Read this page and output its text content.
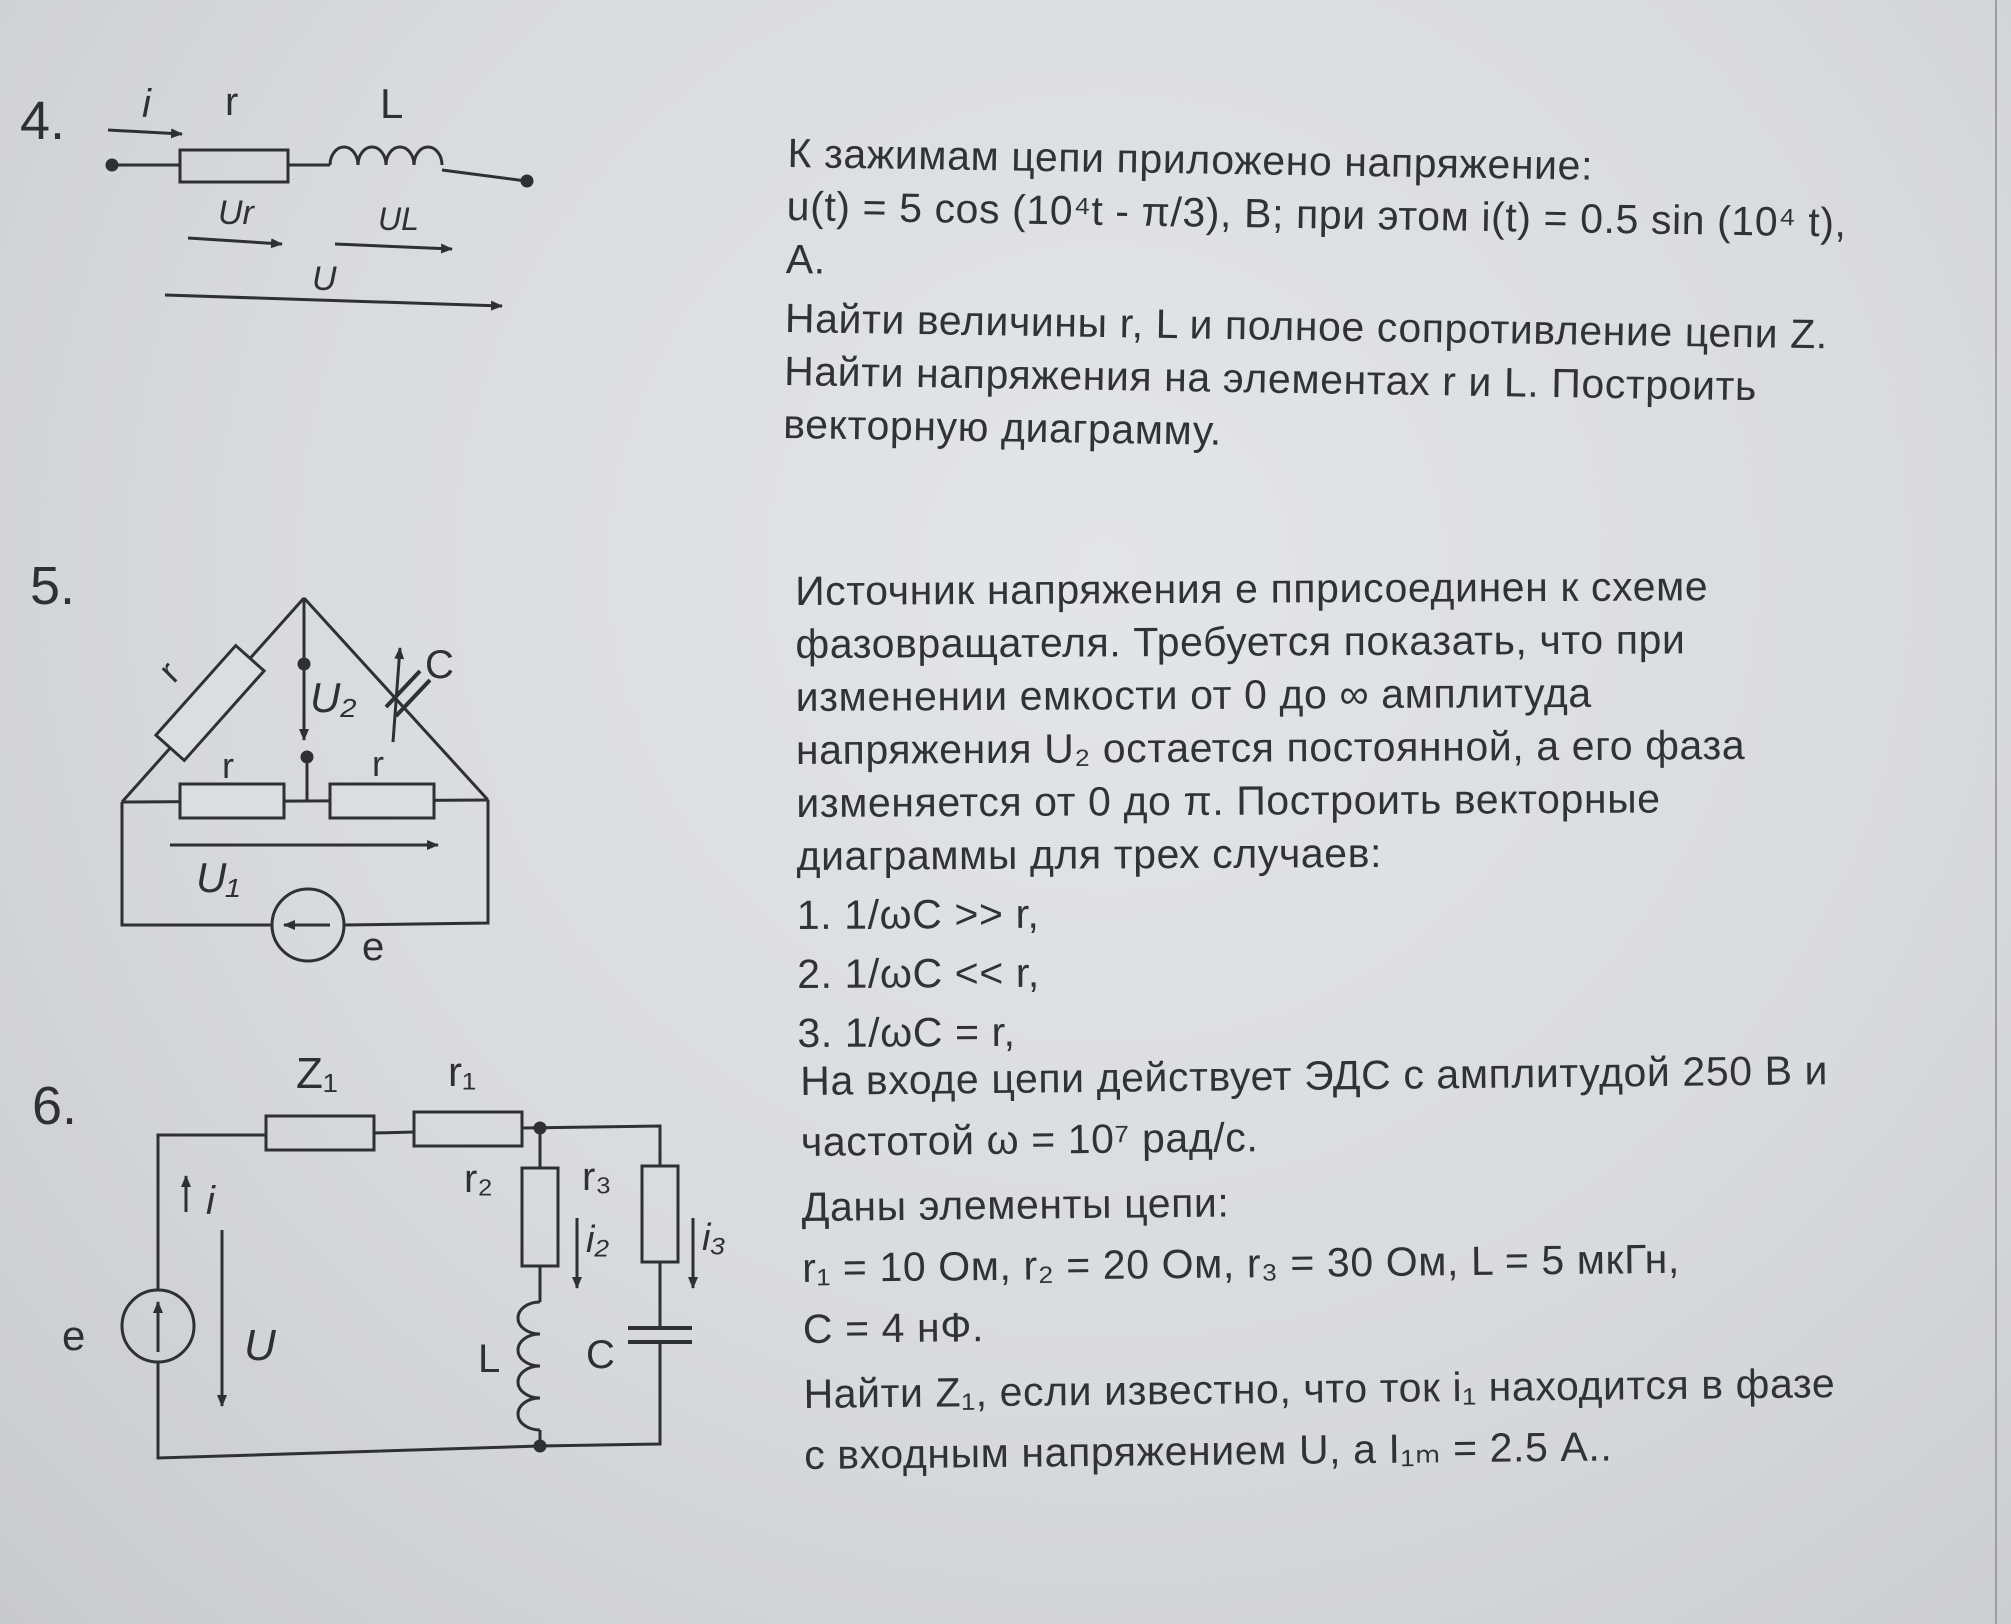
4.
5.
6.
К зажимам цепи приложено напряжение:
u(t) = 5 cos (10⁴t - π/3), В; при этом i(t) = 0.5 sin (10⁴ t),
А.
Найти величины r, L и полное сопротивление цепи Z.
Найти напряжения на элементах r и L. Построить
векторную диаграмму.
Источник напряжения е пприсоединен к схеме
фазовращателя. Требуется показать, что при
изменении емкости от 0 до ∞ амплитуда
напряжения U₂ остается постоянной, а его фаза
изменяется от 0 до π. Построить векторные
диаграммы для трех случаев:
1. 1/ωC >> r,
2. 1/ωC << r,
3. 1/ωC = r,
На входе цепи действует ЭДС с амплитудой 250 В и
частотой ω = 10⁷ рад/с.
Даны элементы цепи:
r₁ = 10 Ом, r₂ = 20 Ом, r₃ = 30 Ом, L = 5 мкГн,
С = 4 нФ.
Найти Z₁, если известно, что ток i₁ находится в фазе
с входным напряжением U, а I₁ₘ = 2.5 А..
i r	L
Ur	UL
U
C
r
U₂
r	r
U₁
e
Z₁	r₁
r₂ r₃
i₂ i₃
L C
e
i
U
